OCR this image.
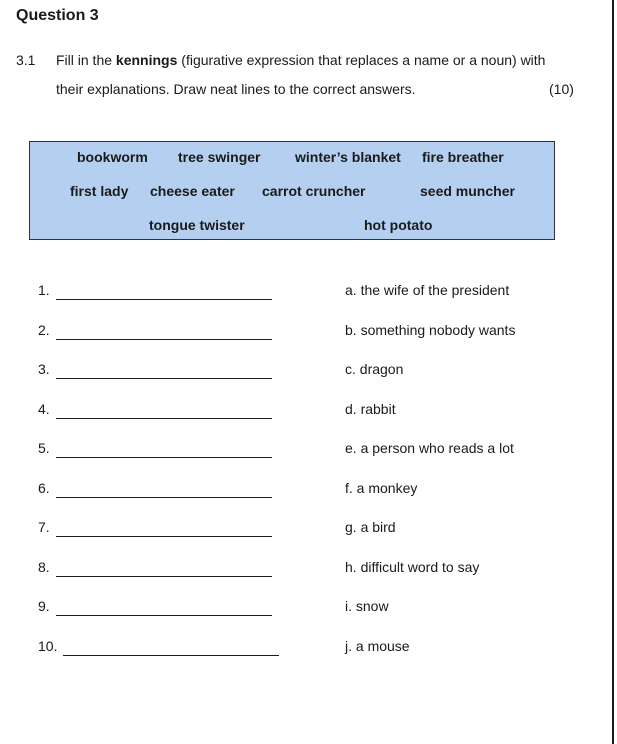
Question 3
3.1 Fill in the kennings (figurative expression that replaces a name or a noun) with
their explanations. Draw neat lines to the correct answers.	(10)
bookworm tree swinger winter’s blanket fire breather
first lady cheese eater carrot cruncher	seed muncher
tongue twister	hot potato
1.	a. the wife of the president
2.	b. something nobody wants
3.	c. dragon
4.	d. rabbit
5.	e. a person who reads a lot
6.	f. a monkey
7.	g. a bird
8.	h. difficult word to say
9.	i. snow
10.	j. a mouse
